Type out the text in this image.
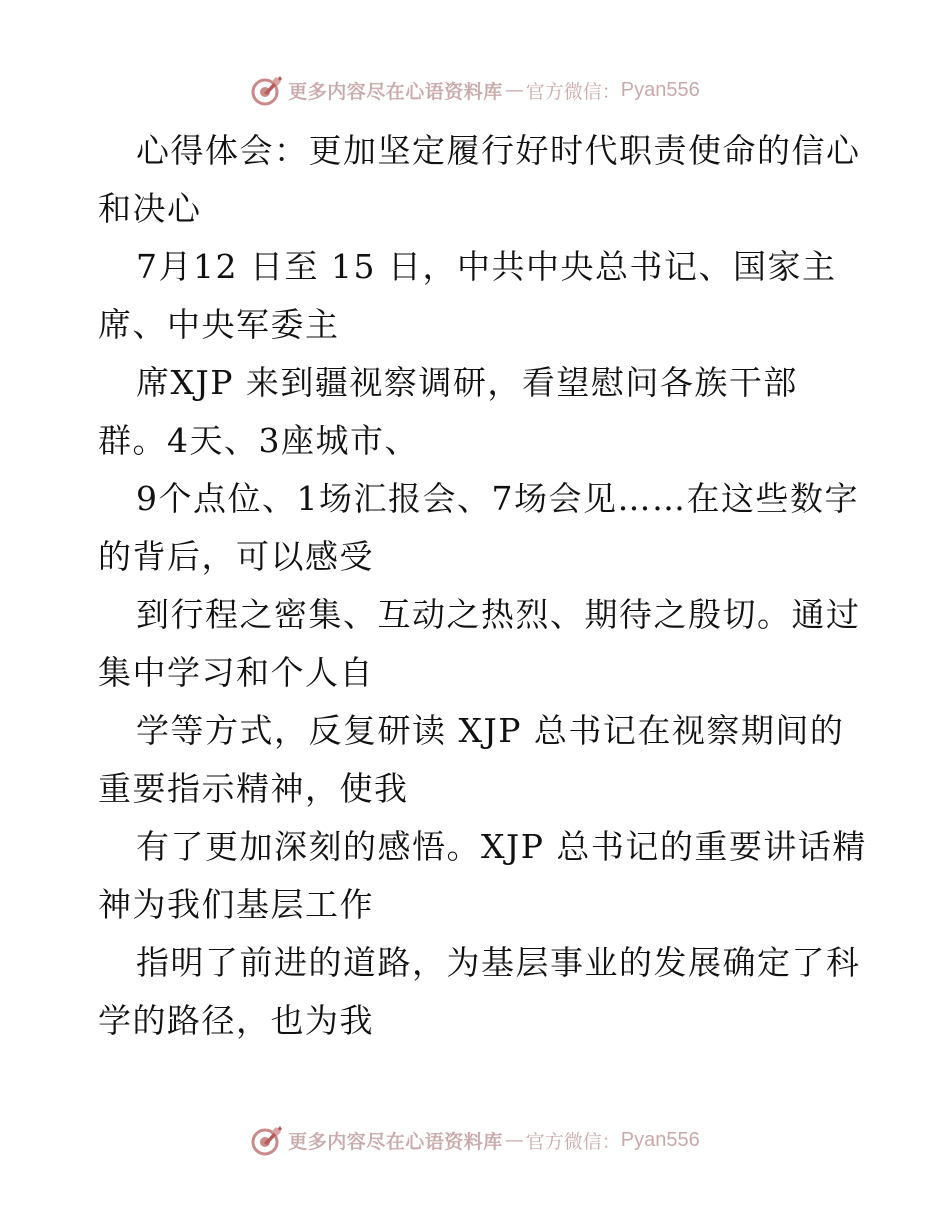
更多内容尽在心语资料库 — 官方微信： Pyan556

心得体会：更加坚定履行好时代职责使命的信心

和决心

7月12 日至 15 日，中共中央总书记、国家主

席、中央军委主

席XJP 来到疆视察调研，看望慰问各族干部

群。4天、3座城市、

9个点位、1场汇报会、7场会见……在这些数字

的背后，可以感受

到行程之密集、互动之热烈、期待之殷切。通过

集中学习和个人自

学等方式，反复研读 XJP 总书记在视察期间的

重要指示精神，使我

有了更加深刻的感悟。XJP 总书记的重要讲话精

神为我们基层工作

指明了前进的道路，为基层事业的发展确定了科

学的路径，也为我

更多内容尽在心语资料库 — 官方微信： Pyan556
